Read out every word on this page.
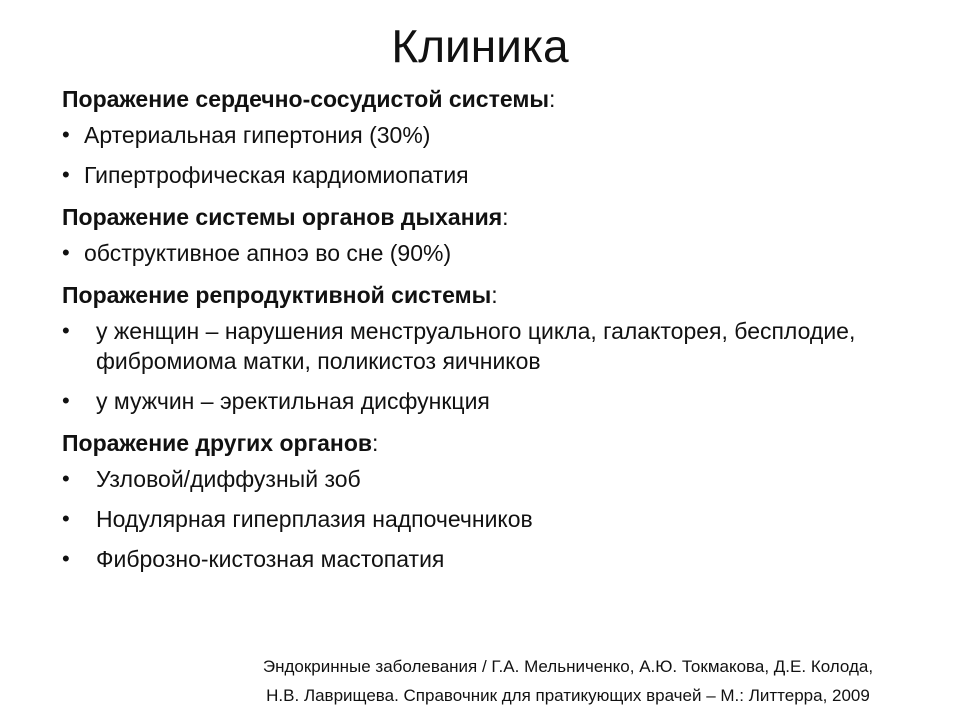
Клиника
Поражение сердечно-сосудистой системы:
• Артериальная гипертония (30%)
• Гипертрофическая кардиомиопатия
Поражение системы органов дыхания:
• обструктивное апноэ во сне (90%)
Поражение репродуктивной системы:
• у женщин – нарушения менструального цикла, галакторея, бесплодие, фибромиома матки, поликистоз яичников
• у мужчин – эректильная дисфункция
Поражение других органов:
• Узловой/диффузный зоб
• Нодулярная гиперплазия надпочечников
• Фиброзно-кистозная мастопатия
Эндокринные заболевания / Г.А. Мельниченко, А.Ю. Токмакова, Д.Е. Колода,
Н.В. Лаврищева. Справочник для пратикующих врачей – М.: Литтерра, 2009
